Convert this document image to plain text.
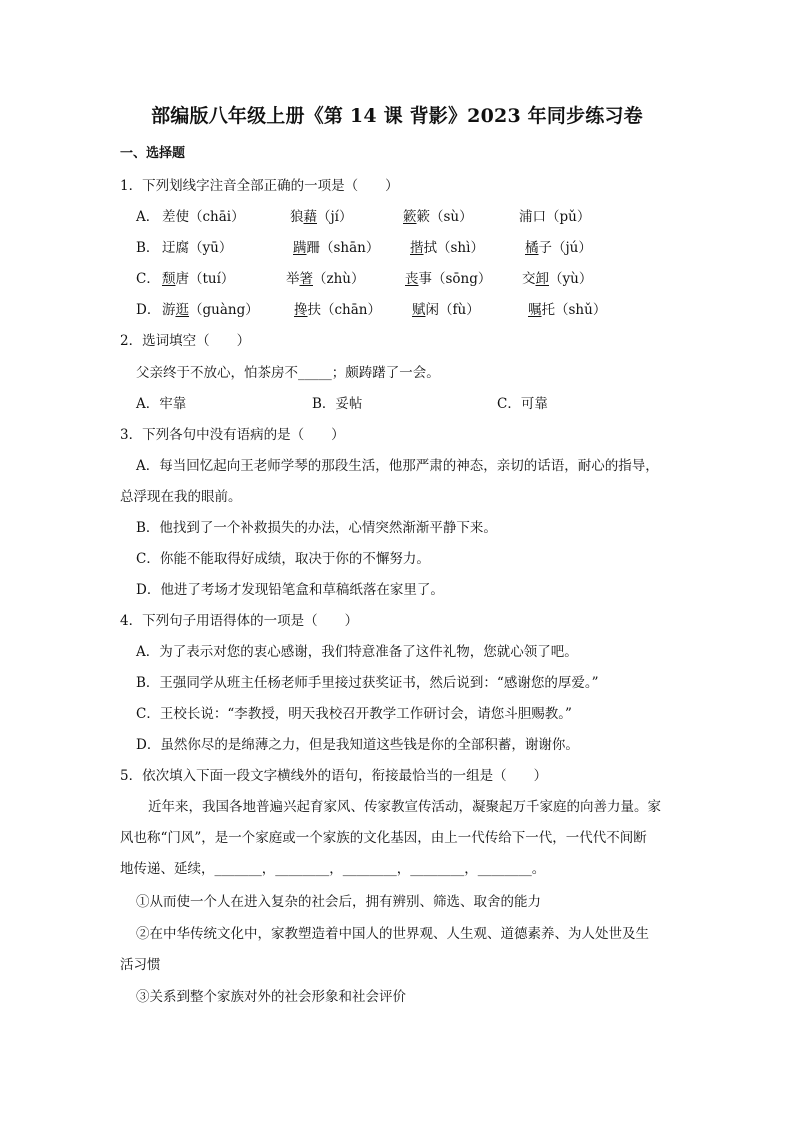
部编版八年级上册《第 14 课 背影》2023 年同步练习卷
一、选择题
1．下列划线字注音全部正确的一项是（　　）
A． 差使（chāi）	狼藉（jí）	簌簌（sù）	浦口（pǔ）
B． 迂腐（yū）	蹒跚（shān） 揩拭（shì）	橘子（jú）
C． 颓唐（tuí）	举箸（zhù）	丧事（sōng） 交卸（yù）
D． 游逛（guàng）	搀扶（chān） 赋闲（fù）	嘱托（shǔ）
2．选词填空（　　）
父亲终于不放心，怕茶房不_____；颇踌躇了一会。
A．牢靠	B．妥帖	C．可靠
3．下列各句中没有语病的是（　　）
A．每当回忆起向王老师学琴的那段生活，他那严肃的神态，亲切的话语，耐心的指导，
总浮现在我的眼前。
B．他找到了一个补救损失的办法，心情突然渐渐平静下来。
C．你能不能取得好成绩，取决于你的不懈努力。
D．他进了考场才发现铅笔盒和草稿纸落在家里了。
4．下列句子用语得体的一项是（　　）
A．为了表示对您的衷心感谢，我们特意准备了这件礼物，您就心领了吧。
B．王强同学从班主任杨老师手里接过获奖证书，然后说到：“感谢您的厚爱。”
C．王校长说：“李教授，明天我校召开教学工作研讨会，请您斗胆赐教。”
D．虽然你尽的是绵薄之力，但是我知道这些钱是你的全部积蓄，谢谢你。
5．依次填入下面一段文字横线外的语句，衔接最恰当的一组是（　　）
近年来，我国各地普遍兴起育家风、传家教宣传活动，凝聚起万千家庭的向善力量。家
风也称“门风”，是一个家庭或一个家族的文化基因，由上一代传给下一代，一代代不间断
地传递、延续，_______，________，________，________，________。
①从而使一个人在进入复杂的社会后，拥有辨别、筛选、取舍的能力
②在中华传统文化中，家教塑造着中国人的世界观、人生观、道德素养、为人处世及生
活习惯
③关系到整个家族对外的社会形象和社会评价
